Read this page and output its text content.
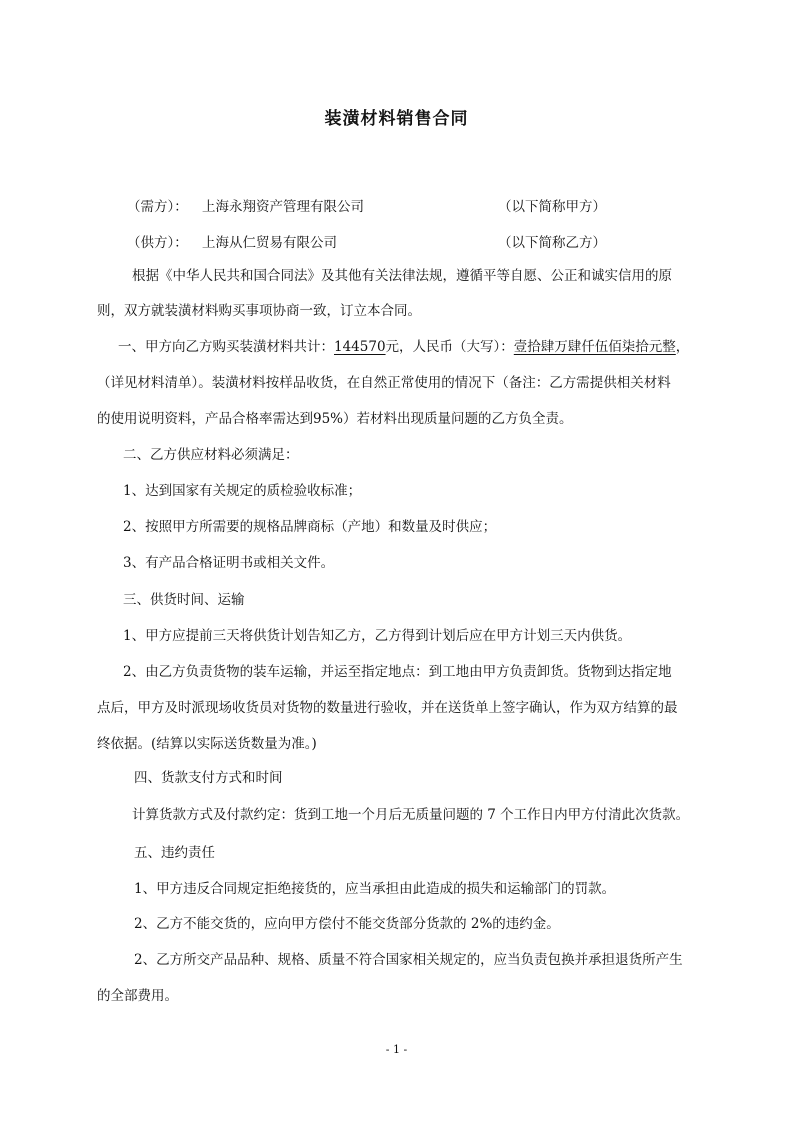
装潢材料销售合同
（需方）： 上海永翔资产管理有限公司	（以下简称甲方）
（供方）： 上海从仁贸易有限公司	（以下简称乙方）
根据《中华人民共和国合同法》及其他有关法律法规，遵循平等自愿、公正和诚实信用的原
则，双方就装潢材料购买事项协商一致，订立本合同。
一、甲方向乙方购买装潢材料共计：144570元，人民币（大写）：壹拾肆万肆仟伍佰柒拾元整，
（详见材料清单）。装潢材料按样品收货，在自然正常使用的情况下（备注：乙方需提供相关材料
的使用说明资料，产品合格率需达到95%）若材料出现质量问题的乙方负全责。
二、乙方供应材料必须满足：
1、达到国家有关规定的质检验收标准；
2、按照甲方所需要的规格品牌商标（产地）和数量及时供应；
3、有产品合格证明书或相关文件。
三、供货时间、运输
1、甲方应提前三天将供货计划告知乙方，乙方得到计划后应在甲方计划三天内供货。
2、由乙方负责货物的装车运输，并运至指定地点：到工地由甲方负责卸货。货物到达指定地
点后，甲方及时派现场收货员对货物的数量进行验收，并在送货单上签字确认，作为双方结算的最
终依据。(结算以实际送货数量为准。)
四、货款支付方式和时间
计算货款方式及付款约定：货到工地一个月后无质量问题的 7 个工作日内甲方付清此次货款。
五、违约责任
1、甲方违反合同规定拒绝接货的，应当承担由此造成的损失和运输部门的罚款。
2、乙方不能交货的，应向甲方偿付不能交货部分货款的 2%的违约金。
2、乙方所交产品品种、规格、质量不符合国家相关规定的，应当负责包换并承担退货所产生
的全部费用。
- 1 -
